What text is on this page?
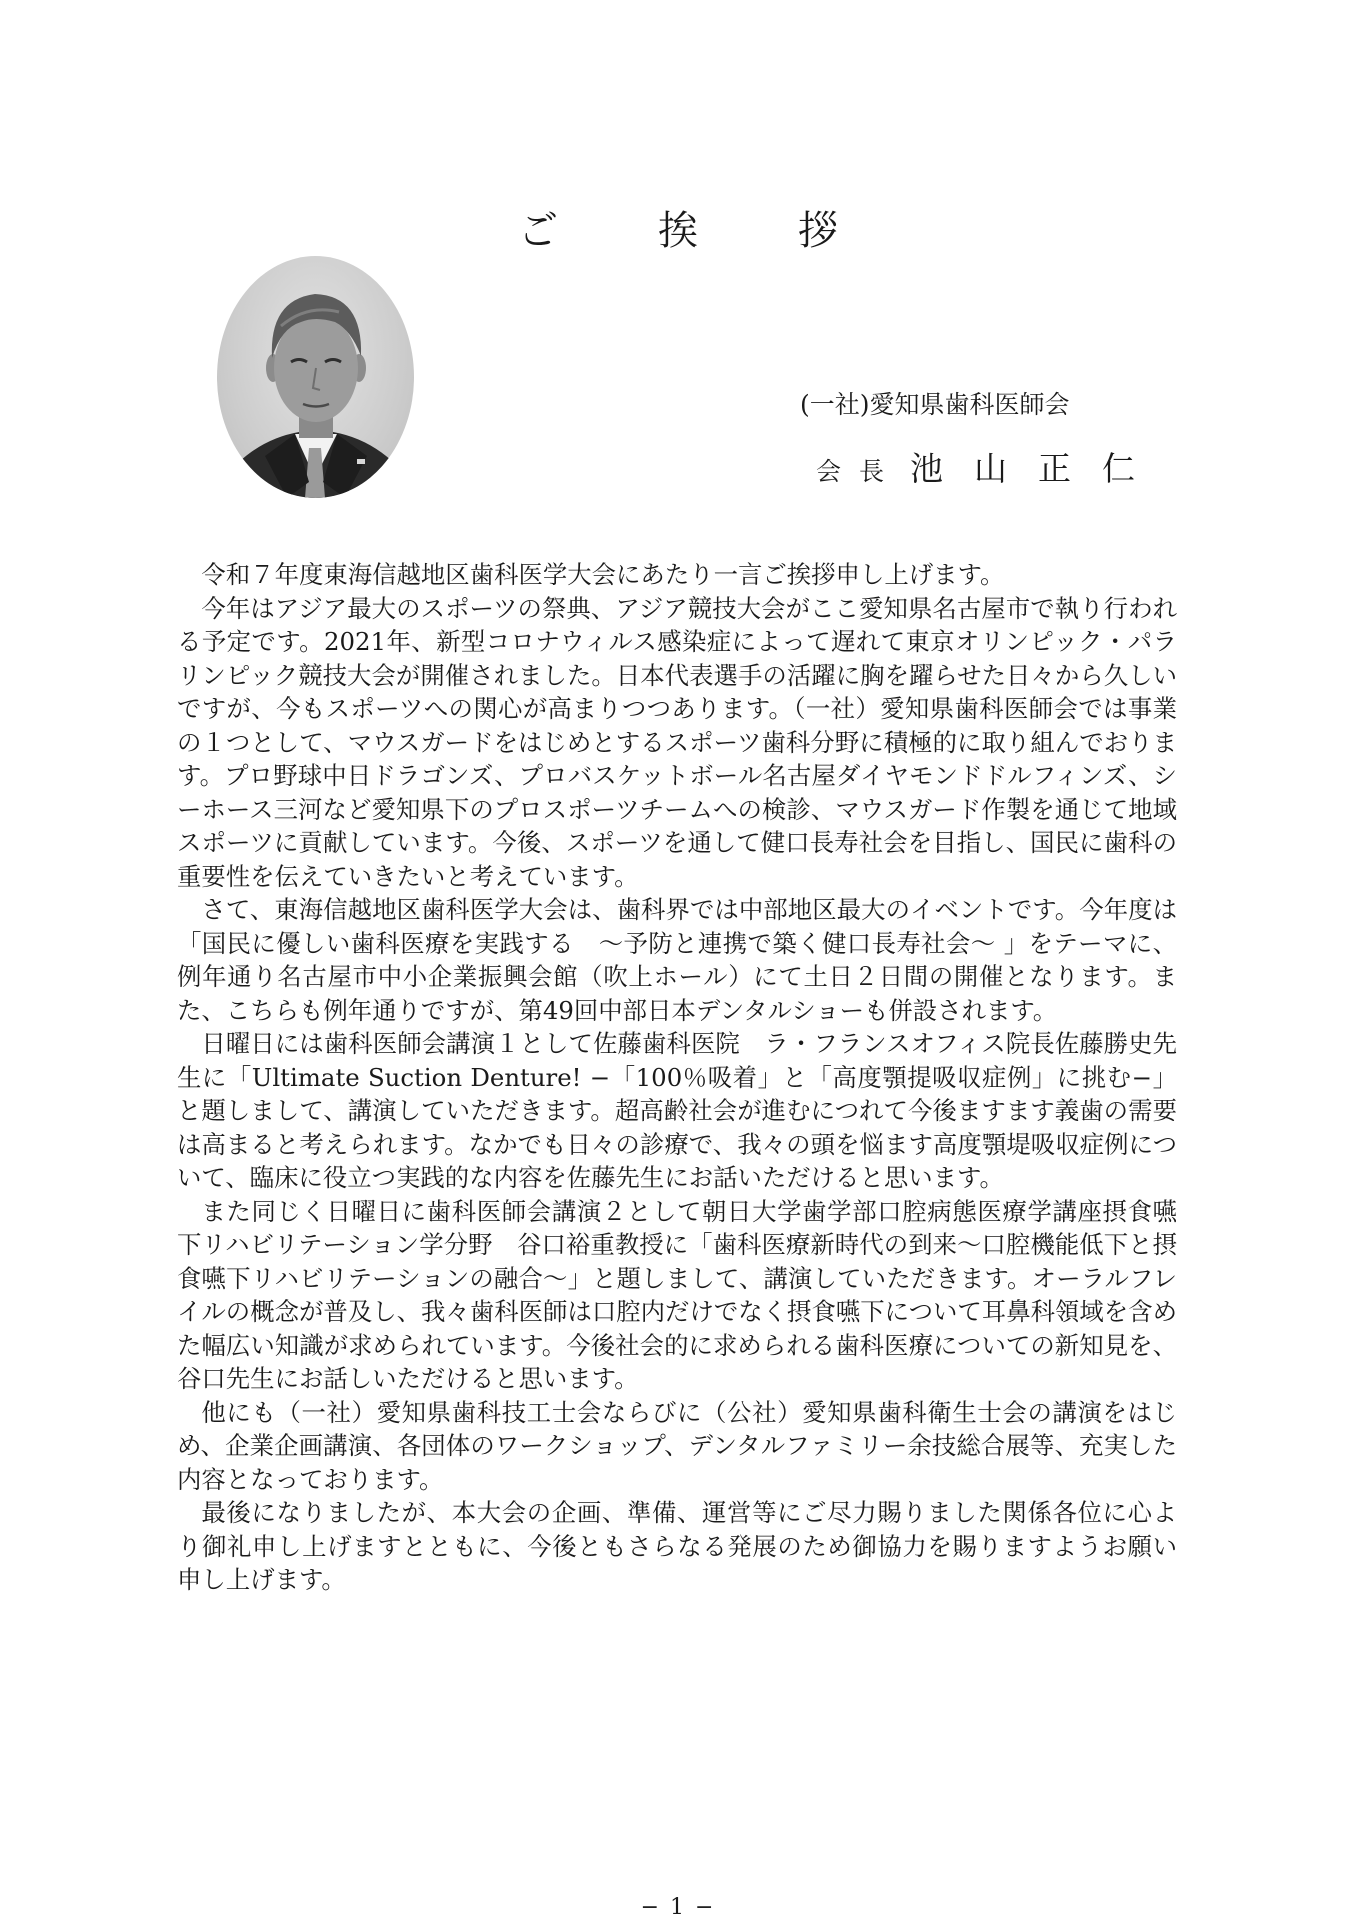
ご　挨　拶
(一社)愛知県歯科医師会
会長 池山正仁

令和７年度東海信越地区歯科医学大会にあたり一言ご挨拶申し上げます。

今年はアジア最大のスポーツの祭典、アジア競技大会がここ愛知県名古屋市で執り行われる予定です。2021年、新型コロナウィルス感染症によって遅れて東京オリンピック・パラリンピック競技大会が開催されました。日本代表選手の活躍に胸を躍らせた日々から久しいですが、今もスポーツへの関心が高まりつつあります。（一社）愛知県歯科医師会では事業の１つとして、マウスガードをはじめとするスポーツ歯科分野に積極的に取り組んでおります。プロ野球中日ドラゴンズ、プロバスケットボール名古屋ダイヤモンドドルフィンズ、シーホース三河など愛知県下のプロスポーツチームへの検診、マウスガード作製を通じて地域スポーツに貢献しています。今後、スポーツを通して健口長寿社会を目指し、国民に歯科の重要性を伝えていきたいと考えています。

さて、東海信越地区歯科医学大会は、歯科界では中部地区最大のイベントです。今年度は「国民に優しい歯科医療を実践する　～予防と連携で築く健口長寿社会～ 」をテーマに、例年通り名古屋市中小企業振興会館（吹上ホール）にて土日２日間の開催となります。また、こちらも例年通りですが、第49回中部日本デンタルショーも併設されます。

日曜日には歯科医師会講演１として佐藤歯科医院　ラ・フランスオフィス院長佐藤勝史先生に「Ultimate Suction Denture! −「100％吸着」と「高度顎提吸収症例」に挑む−」と題しまして、講演していただきます。超高齢社会が進むにつれて今後ますます義歯の需要は高まると考えられます。なかでも日々の診療で、我々の頭を悩ます高度顎堤吸収症例について、臨床に役立つ実践的な内容を佐藤先生にお話いただけると思います。

また同じく日曜日に歯科医師会講演２として朝日大学歯学部口腔病態医療学講座摂食嚥下リハビリテーション学分野　谷口裕重教授に「歯科医療新時代の到来～口腔機能低下と摂食嚥下リハビリテーションの融合～」と題しまして、講演していただきます。オーラルフレイルの概念が普及し、我々歯科医師は口腔内だけでなく摂食嚥下について耳鼻科領域を含めた幅広い知識が求められています。今後社会的に求められる歯科医療についての新知見を、谷口先生にお話しいただけると思います。

他にも（一社）愛知県歯科技工士会ならびに（公社）愛知県歯科衛生士会の講演をはじめ、企業企画講演、各団体のワークショップ、デンタルファミリー余技総合展等、充実した内容となっております。

最後になりましたが、本大会の企画、準備、運営等にご尽力賜りました関係各位に心より御礼申し上げますとともに、今後ともさらなる発展のため御協力を賜りますようお願い申し上げます。

− 1 −
